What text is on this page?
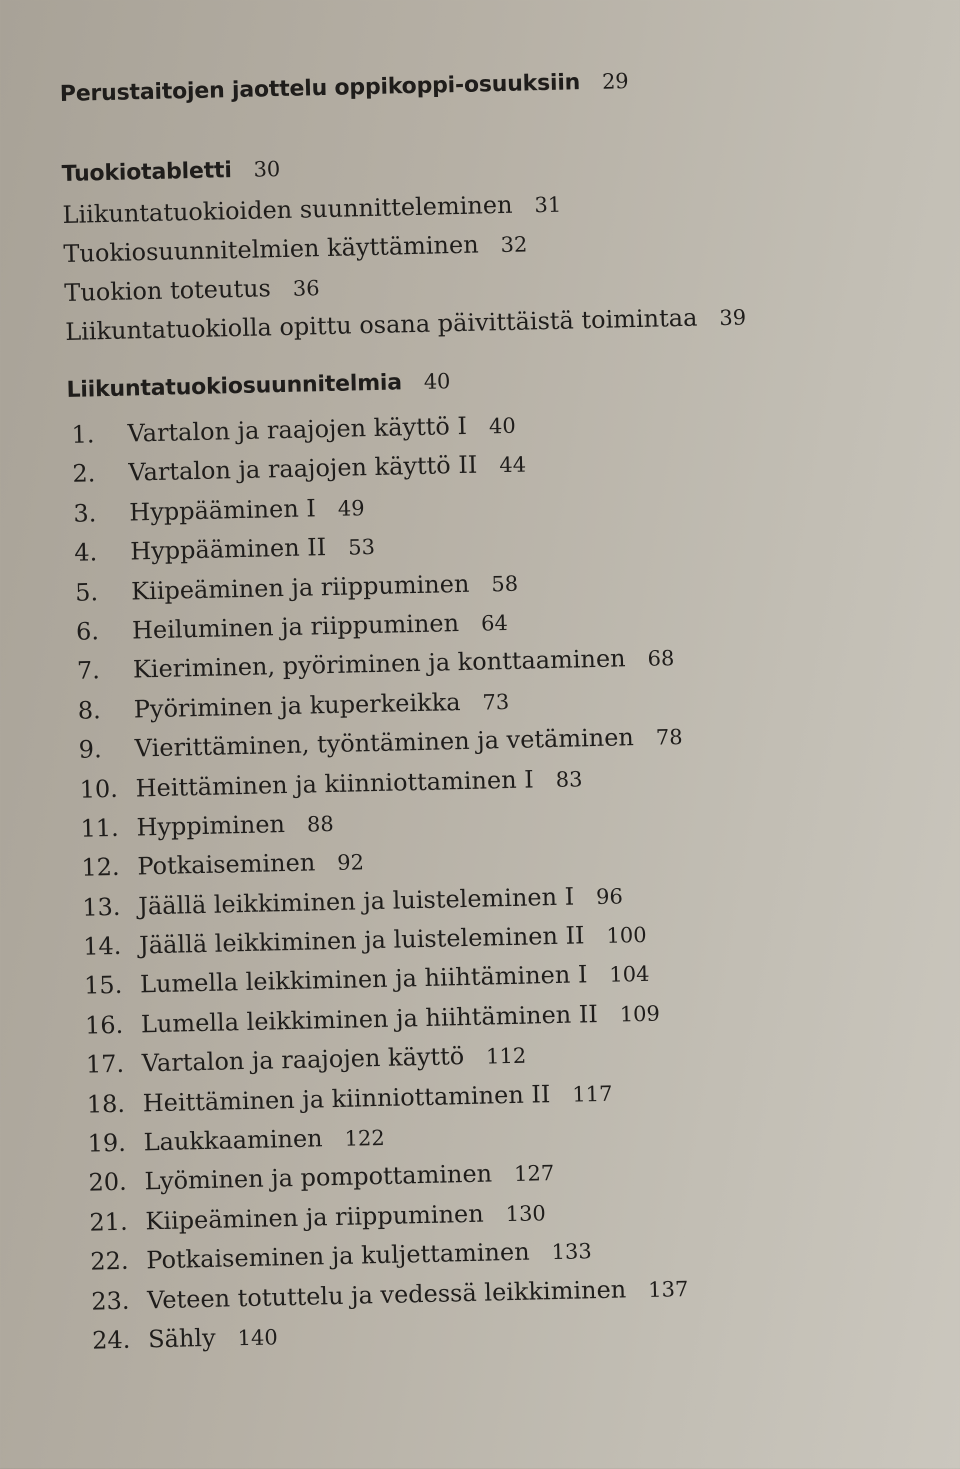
Perustaitojen jaottelu oppikoppi-osuuksiin 29
Tuokiotabletti 30
Liikuntatuokioiden suunnitteleminen 31
Tuokiosuunnitelmien käyttäminen 32
Tuokion toteutus 36
Liikuntatuokiolla opittu osana päivittäistä toimintaa 39
Liikuntatuokiosuunnitelmia 40
1. Vartalon ja raajojen käyttö I 40
2. Vartalon ja raajojen käyttö II 44
3. Hyppääminen I 49
4. Hyppääminen II 53
5. Kiipeäminen ja riippuminen 58
6. Heiluminen ja riippuminen 64
7. Kieriminen, pyöriminen ja konttaaminen 68
8. Pyöriminen ja kuperkeikka 73
9. Vierittäminen, työntäminen ja vetäminen 78
10. Heittäminen ja kiinniottaminen I 83
11. Hyppiminen 88
12. Potkaiseminen 92
13. Jäällä leikkiminen ja luisteleminen I 96
14. Jäällä leikkiminen ja luisteleminen II 100
15. Lumella leikkiminen ja hiihtäminen I 104
16. Lumella leikkiminen ja hiihtäminen II 109
17. Vartalon ja raajojen käyttö 112
18. Heittäminen ja kiinniottaminen II 117
19. Laukkaaminen 122
20. Lyöminen ja pompottaminen 127
21. Kiipeäminen ja riippuminen 130
22. Potkaiseminen ja kuljettaminen 133
23. Veteen totuttelu ja vedessä leikkiminen 137
24. Sähly 140
